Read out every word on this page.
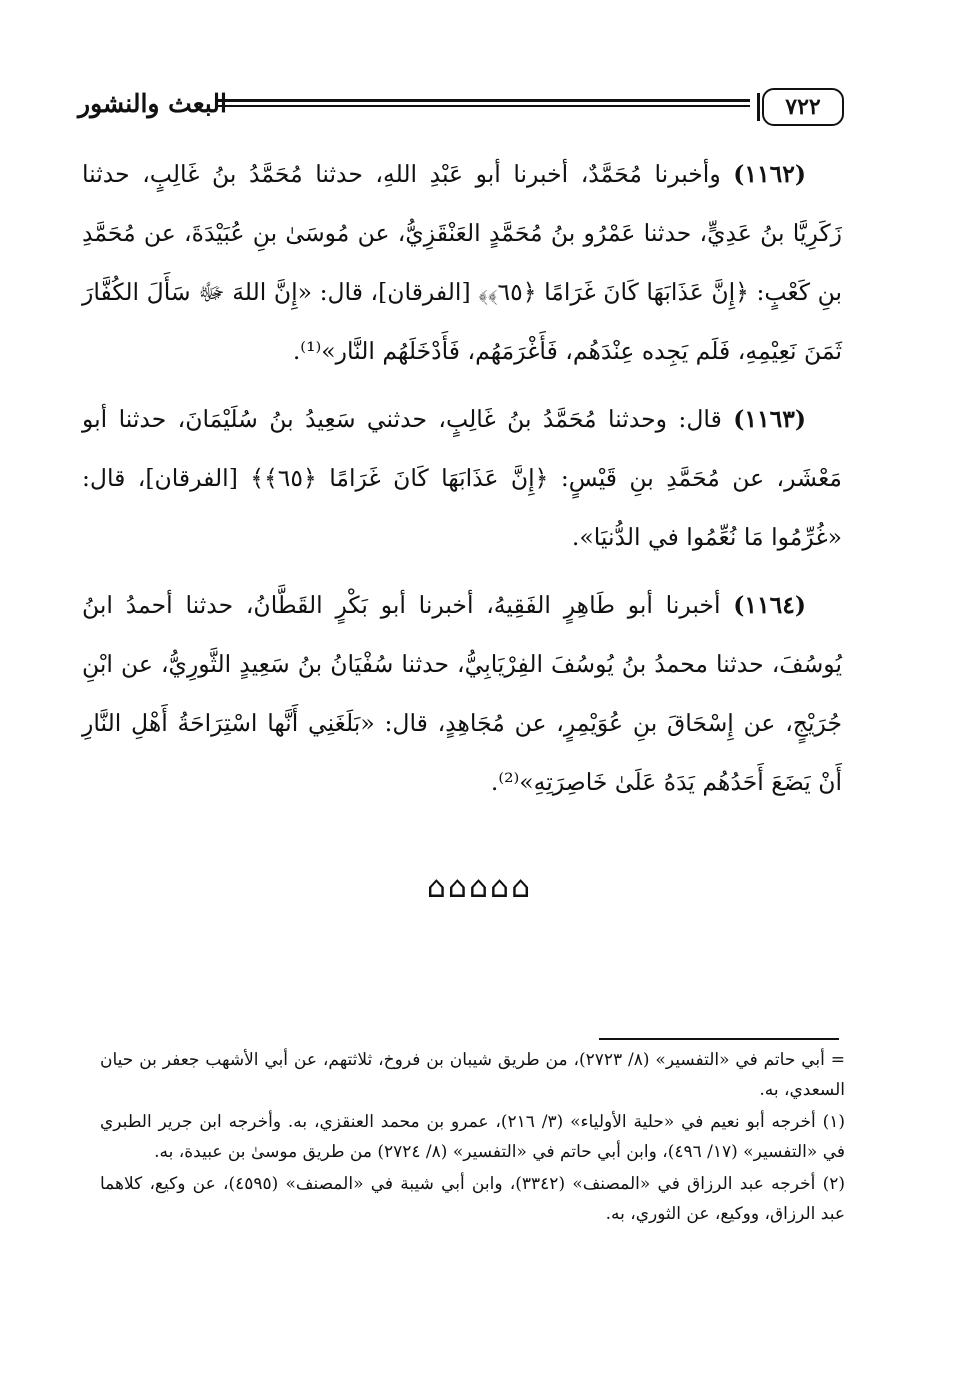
٧٢٢
البعث والنشور

(١١٦٢) وأخبرنا مُحَمَّدٌ، أخبرنا أبو عَبْدِ اللهِ، حدثنا مُحَمَّدُ بنُ غَالِبٍ، حدثنا زَكَرِيَّا بنُ عَدِيٍّ، حدثنا عَمْرُو بنُ مُحَمَّدٍ العَنْقَزِيُّ، عن مُوسَىٰ بنِ عُبَيْدَةَ، عن مُحَمَّدِ بنِ كَعْبٍ: ﴿إِنَّ عَذَابَهَا كَانَ غَرَامًا ﴿٦٥﴾﴾ [الفرقان]، قال: «إِنَّ اللهَ ﷻ سَأَلَ الكُفَّارَ ثَمَنَ نَعِيْمِهِ، فَلَم يَجِده عِنْدَهُم، فَأَغْرَمَهُم، فَأَدْخَلَهُم النَّار»⁽¹⁾.

(١١٦٣) قال: وحدثنا مُحَمَّدُ بنُ غَالِبٍ، حدثني سَعِيدُ بنُ سُلَيْمَانَ، حدثنا أبو مَعْشَر، عن مُحَمَّدِ بنِ قَيْسٍ: ﴿إِنَّ عَذَابَهَا كَانَ غَرَامًا ﴿٦٥﴾﴾ [الفرقان]، قال: «غُرِّمُوا مَا نُعِّمُوا في الدُّنيَا».

(١١٦٤) أخبرنا أبو طَاهِرٍ الفَقِيهُ، أخبرنا أبو بَكْرٍ القَطَّانُ، حدثنا أحمدُ ابنُ يُوسُفَ، حدثنا محمدُ بنُ يُوسُفَ الفِرْيَابِيُّ، حدثنا سُفْيَانُ بنُ سَعِيدٍ الثَّورِيُّ، عن ابْنِ جُرَيْجٍ، عن إِسْحَاقَ بنِ عُوَيْمِرٍ، عن مُجَاهِدٍ، قال: «بَلَغَنِي أَنَّها اسْتِرَاحَةُ أَهْلِ النَّارِ أَنْ يَضَعَ أَحَدُهُم يَدَهُ عَلَىٰ خَاصِرَتِهِ»⁽²⁾.

⌂⌂⌂⌂⌂

= أبي حاتم في «التفسير» (٨/ ٢٧٢٣)، من طريق شيبان بن فروخ، ثلاثتهم، عن أبي الأشهب جعفر بن حيان السعدي، به.

(١) أخرجه أبو نعيم في «حلية الأولياء» (٣/ ٢١٦)، عمرو بن محمد العنقزي، به. وأخرجه ابن جرير الطبري في «التفسير» (١٧/ ٤٩٦)، وابن أبي حاتم في «التفسير» (٨/ ٢٧٢٤) من طريق موسىٰ بن عبيدة، به.

(٢) أخرجه عبد الرزاق في «المصنف» (٣٣٤٢)، وابن أبي شيبة في «المصنف» (٤٥٩٥)، عن وكيع، كلاهما عبد الرزاق، ووكيع، عن الثوري، به.
